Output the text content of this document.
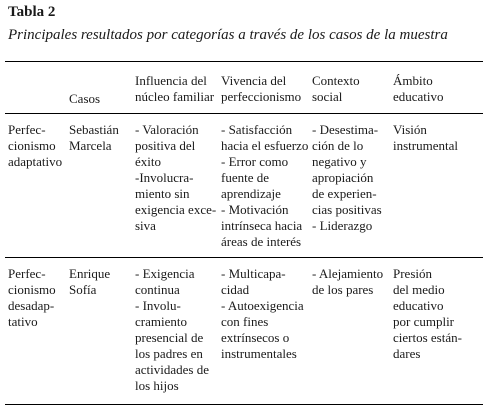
Tabla 2
Principales resultados por categorías a través de los casos de la muestra
Casos
Influencia del
núcleo familiar
Vivencia del
perfeccionismo
Contexto
social
Ámbito
educativo
Perfec-
cionismo
adaptativo
Sebastián
Marcela
- Valoración
positiva del
éxito
-Involucra-
miento sin
exigencia exce-
siva
- Satisfacción
hacia el esfuerzo
- Error como
fuente de
aprendizaje
- Motivación
intrínseca hacia
áreas de interés
- Desestima-
ción de lo
negativo y
apropiación
de experien-
cias positivas
- Liderazgo
Visión
instrumental
Perfec-
cionismo
desadap-
tativo
Enrique
Sofía
- Exigencia
continua
- Involu-
cramiento
presencial de
los padres en
actividades de
los hijos
- Multicapa-
cidad
- Autoexigencia
con fines
extrínsecos o
instrumentales
- Alejamiento
de los pares
Presión
del medio
educativo
por cumplir
ciertos están-
dares
